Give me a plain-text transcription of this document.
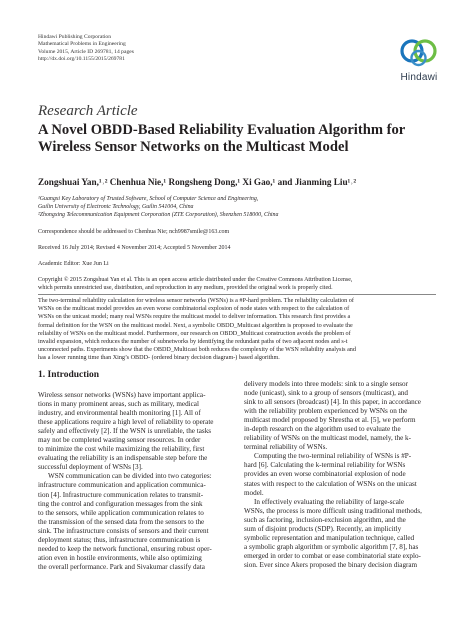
Hindawi Publishing Corporation
Mathematical Problems in Engineering
Volume 2015, Article ID 269781, 14 pages
http://dx.doi.org/10.1155/2015/269781
Hindawi
Research Article
A Novel OBDD-Based Reliability Evaluation Algorithm for Wireless Sensor Networks on the Multicast Model
Zongshuai Yan,¹˒² Chenhua Nie,¹ Rongsheng Dong,¹ Xi Gao,¹ and Jianming Liu¹˒²
¹Guangxi Key Laboratory of Trusted Software, School of Computer Science and Engineering,
Guilin University of Electronic Technology, Guilin 541004, China
²Zhongxing Telecommunication Equipment Corporation (ZTE Corporation), Shenzhen 518000, China
Correspondence should be addressed to Chenhua Nie; nch9987smile@163.com
Received 16 July 2014; Revised 4 November 2014; Accepted 5 November 2014
Academic Editor: Xue Jun Li
Copyright © 2015 Zongshuai Yan et al. This is an open access article distributed under the Creative Commons Attribution License,
which permits unrestricted use, distribution, and reproduction in any medium, provided the original work is properly cited.
The two-terminal reliability calculation for wireless sensor networks (WSNs) is a #P-hard problem. The reliability calculation of
WSNs on the multicast model provides an even worse combinatorial explosion of node states with respect to the calculation of
WSNs on the unicast model; many real WSNs require the multicast model to deliver information. This research first provides a
formal definition for the WSN on the multicast model. Next, a symbolic OBDD_Multicast algorithm is proposed to evaluate the
reliability of WSNs on the multicast model. Furthermore, our research on OBDD_Multicast construction avoids the problem of
invalid expansion, which reduces the number of subnetworks by identifying the redundant paths of two adjacent nodes and s-t
unconnected paths. Experiments show that the OBDD_Multicast both reduces the complexity of the WSN reliability analysis and
has a lower running time than Xing’s OBDD- (ordered binary decision diagram-) based algorithm.
1. Introduction
Wireless sensor networks (WSNs) have important applica-
tions in many prominent areas, such as military, medical
industry, and environmental health monitoring [1]. All of
these applications require a high level of reliability to operate
safely and effectively [2]. If the WSN is unreliable, the tasks
may not be completed wasting sensor resources. In order
to minimize the cost while maximizing the reliability, first
evaluating the reliability is an indispensable step before the
successful deployment of WSNs [3].
WSN communication can be divided into two categories:
infrastructure communication and application communica-
tion [4]. Infrastructure communication relates to transmit-
ting the control and configuration messages from the sink
to the sensors, while application communication relates to
the transmission of the sensed data from the sensors to the
sink. The infrastructure consists of sensors and their current
deployment status; thus, infrastructure communication is
needed to keep the network functional, ensuring robust oper-
ation even in hostile environments, while also optimizing
the overall performance. Park and Sivakumar classify data
delivery models into three models: sink to a single sensor
node (unicast), sink to a group of sensors (multicast), and
sink to all sensors (broadcast) [4]. In this paper, in accordance
with the reliability problem experienced by WSNs on the
multicast model proposed by Shrestha et al. [5], we perform
in-depth research on the algorithm used to evaluate the
reliability of WSNs on the multicast model, namely, the k-
terminal reliability of WSNs.
Computing the two-terminal reliability of WSNs is #P-
hard [6]. Calculating the k-terminal reliability for WSNs
provides an even worse combinatorial explosion of node
states with respect to the calculation of WSNs on the unicast
model.
In effectively evaluating the reliability of large-scale
WSNs, the process is more difficult using traditional methods,
such as factoring, inclusion-exclusion algorithm, and the
sum of disjoint products (SDP). Recently, an implicitly
symbolic representation and manipulation technique, called
a symbolic graph algorithm or symbolic algorithm [7, 8], has
emerged in order to combat or ease combinatorial state explo-
sion. Ever since Akers proposed the binary decision diagram
